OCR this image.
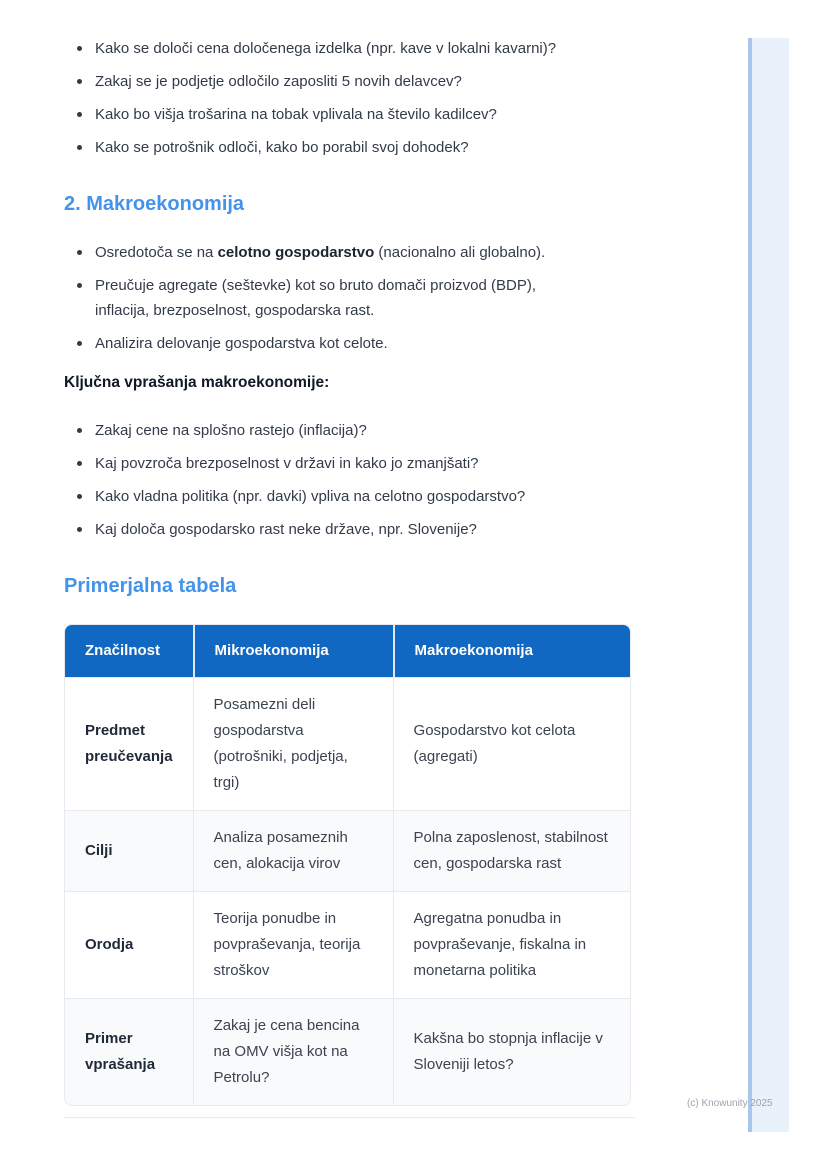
Kako se določi cena določenega izdelka (npr. kave v lokalni kavarni)?
Zakaj se je podjetje odločilo zaposliti 5 novih delavcev?
Kako bo višja trošarina na tobak vplivala na število kadilcev?
Kako se potrošnik odloči, kako bo porabil svoj dohodek?
2. Makroekonomija
Osredotoča se na celotno gospodarstvo (nacionalno ali globalno).
Preučuje agregate (seštevke) kot so bruto domači proizvod (BDP), inflacija, brezposelnost, gospodarska rast.
Analizira delovanje gospodarstva kot celote.

Ključna vprašanja makroekonomije:

Zakaj cene na splošno rastejo (inflacija)?
Kaj povzroča brezposelnost v državi in kako jo zmanjšati?
Kako vladna politika (npr. davki) vpliva na celotno gospodarstvo?
Kaj določa gospodarsko rast neke države, npr. Slovenije?
Primerjalna tabela
Značilnost	Mikroekonomija	Makroekonomija
Predmet preučevanja	Posamezni deli gospodarstva (potrošniki, podjetja, trgi)	Gospodarstvo kot celota (agregati)
Cilji	Analiza posameznih cen, alokacija virov	Polna zaposlenost, stabilnost cen, gospodarska rast
Orodja	Teorija ponudbe in povpraševanja, teorija stroškov	Agregatna ponudba in povpraševanje, fiskalna in monetarna politika
Primer vprašanja	Zakaj je cena bencina na OMV višja kot na Petrolu?	Kakšna bo stopnja inflacije v Sloveniji letos?
(c) Knowunity 2025
